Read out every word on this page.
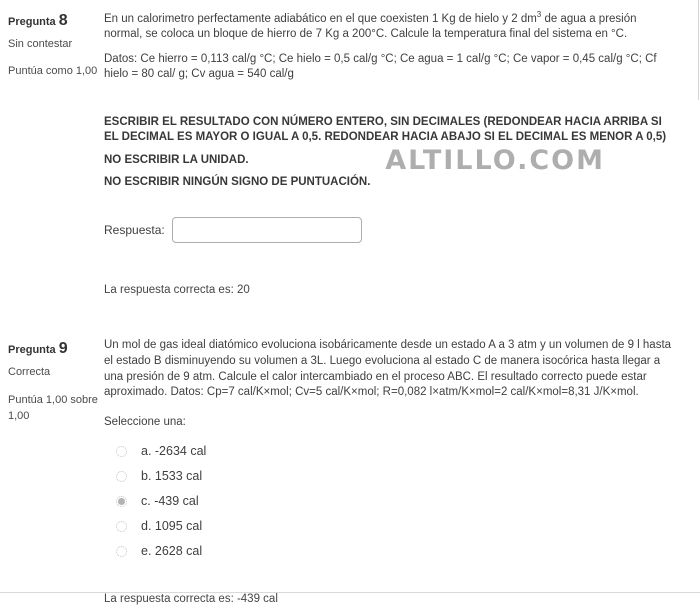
Pregunta 8
Sin contestar
Puntúa como 1,00

En un calorimetro perfectamente adiabático en el que coexisten 1 Kg de hielo y 2 $dm^3$ de agua a presión normal, se coloca un bloque de hierro de 7 Kg a 200°C. Calcule la temperatura final del sistema en °C.

Datos: Ce hierro = 0,113 cal/g °C; Ce hielo = 0,5 cal/g °C; Ce agua = 1 cal/g °C; Ce vapor = 0,45 cal/g °C; Cf hielo = 80 cal/ g; Cv agua = 540 cal/g

ESCRIBIR EL RESULTADO CON NÚMERO ENTERO, SIN DECIMALES (REDONDEAR HACIA ARRIBA SI EL DECIMAL ES MAYOR O IGUAL A 0,5. REDONDEAR HACIA ABAJO SI EL DECIMAL ES MENOR A 0,5)

NO ESCRIBIR LA UNIDAD.

NO ESCRIBIR NINGÚN SIGNO DE PUNTUACIÓN.

ALTILLO.COM
Respuesta:

La respuesta correcta es: 20

Pregunta 9
Correcta
Puntúa 1,00 sobre
1,00

Un mol de gas ideal diatómico evoluciona isobáricamente desde un estado A a 3 atm y un volumen de 9 l hasta el estado B disminuyendo su volumen a 3L. Luego evoluciona al estado C de manera isocórica hasta llegar a una presión de 9 atm. Calcule el calor intercambiado en el proceso ABC. El resultado correcto puede estar aproximado. Datos: Cp=7 cal/K×mol; Cv=5 cal/K×mol; R=0,082 l×atm/K×mol=2 cal/K×mol=8,31 J/K×mol.

Seleccione una:

a. -2634 cal
b. 1533 cal
c. -439 cal
d. 1095 cal
e. 2628 cal

La respuesta correcta es: -439 cal
